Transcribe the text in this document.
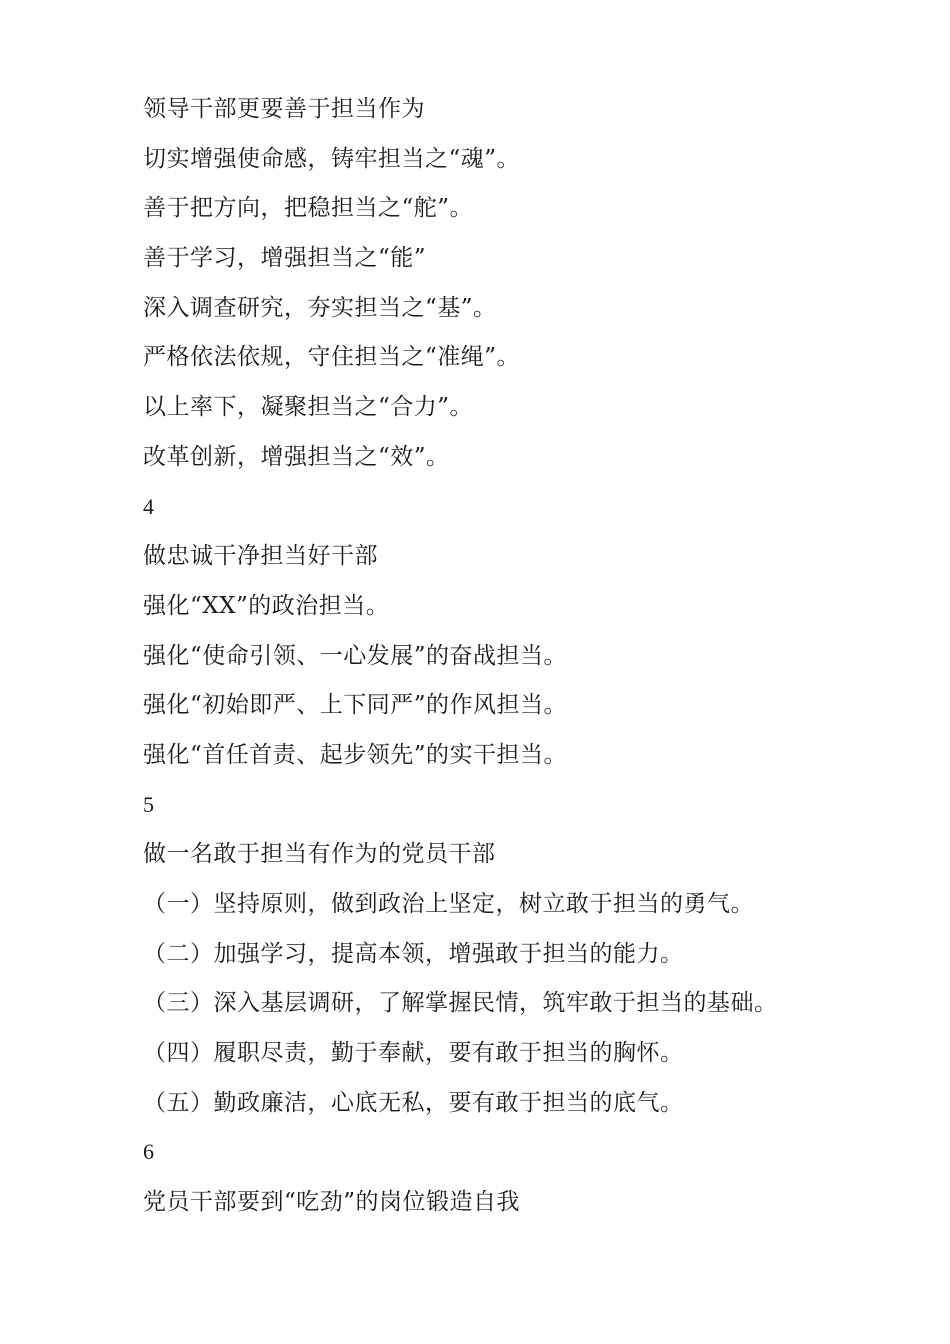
领导干部更要善于担当作为
切实增强使命感，铸牢担当之“魂”。
善于把方向，把稳担当之“舵”。
善于学习，增强担当之“能”
深入调查研究，夯实担当之“基”。
严格依法依规，守住担当之“准绳”。
以上率下，凝聚担当之“合力”。
改革创新，增强担当之“效”。
4
做忠诚干净担当好干部
强化“XX”的政治担当。
强化“使命引领、一心发展”的奋战担当。
强化“初始即严、上下同严”的作风担当。
强化“首任首责、起步领先”的实干担当。
5
做一名敢于担当有作为的党员干部
（一）坚持原则，做到政治上坚定，树立敢于担当的勇气。
（二）加强学习，提高本领，增强敢于担当的能力。
（三）深入基层调研，了解掌握民情，筑牢敢于担当的基础。
（四）履职尽责，勤于奉献，要有敢于担当的胸怀。
（五）勤政廉洁，心底无私，要有敢于担当的底气。
6
党员干部要到“吃劲”的岗位锻造自我
